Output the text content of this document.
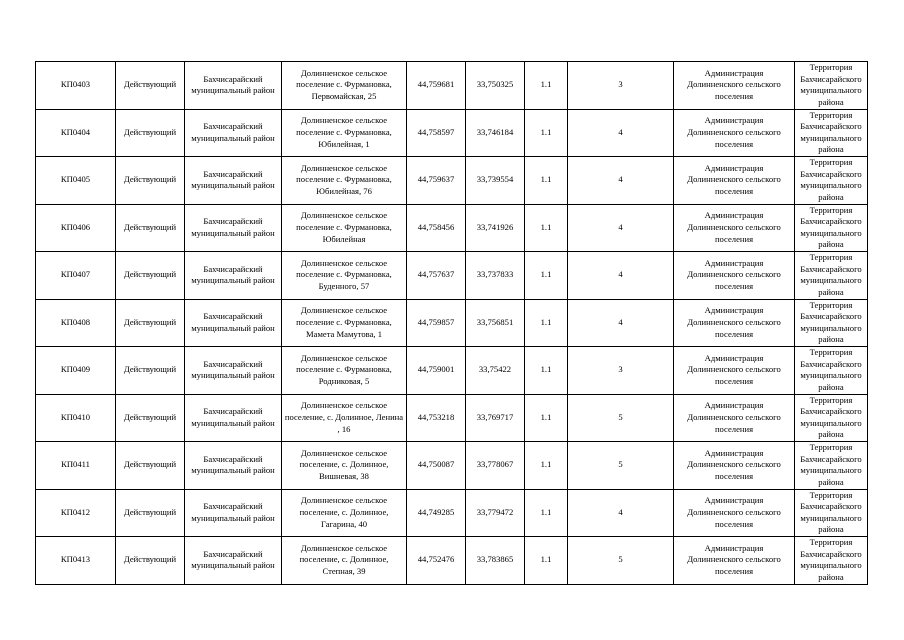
КП0403	Действующий	Бахчисарайский муниципальный район	Долинненское сельское поселение с. Фурмановка, Первомайская, 25	44,759681	33,750325	1.1	3	Администрация Долинненского сельского поселения	Территория Бахчисарайского муниципального района
КП0404	Действующий	Бахчисарайский муниципальный район	Долинненское сельское поселение с. Фурмановка, Юбилейная, 1	44,758597	33,746184	1.1	4	Администрация Долинненского сельского поселения	Территория Бахчисарайского муниципального района
КП0405	Действующий	Бахчисарайский муниципальный район	Долинненское сельское поселение с. Фурмановка, Юбилейная, 76	44,759637	33,739554	1.1	4	Администрация Долинненского сельского поселения	Территория Бахчисарайского муниципального района
КП0406	Действующий	Бахчисарайский муниципальный район	Долинненское сельское поселение с. Фурмановка, Юбилейная	44,758456	33,741926	1.1	4	Администрация Долинненского сельского поселения	Территория Бахчисарайского муниципального района
КП0407	Действующий	Бахчисарайский муниципальный район	Долинненское сельское поселение с. Фурмановка, Буденного, 57	44,757637	33,737833	1.1	4	Администрация Долинненского сельского поселения	Территория Бахчисарайского муниципального района
КП0408	Действующий	Бахчисарайский муниципальный район	Долинненское сельское поселение с. Фурмановка, Мамета Мамутова, 1	44,759857	33,756851	1.1	4	Администрация Долинненского сельского поселения	Территория Бахчисарайского муниципального района
КП0409	Действующий	Бахчисарайский муниципальный район	Долинненское сельское поселение с. Фурмановка, Родниковая, 5	44,759001	33,75422	1.1	3	Администрация Долинненского сельского поселения	Территория Бахчисарайского муниципального района
КП0410	Действующий	Бахчисарайский муниципальный район	Долинненское сельское поселение, с. Долинное, Ленина , 16	44,753218	33,769717	1.1	5	Администрация Долинненского сельского поселения	Территория Бахчисарайского муниципального района
КП0411	Действующий	Бахчисарайский муниципальный район	Долинненское сельское поселение, с. Долинное, Вишневая, 38	44,750087	33,778067	1.1	5	Администрация Долинненского сельского поселения	Территория Бахчисарайского муниципального района
КП0412	Действующий	Бахчисарайский муниципальный район	Долинненское сельское поселение, с. Долинное, Гагарина, 40	44,749285	33,779472	1.1	4	Администрация Долинненского сельского поселения	Территория Бахчисарайского муниципального района
КП0413	Действующий	Бахчисарайский муниципальный район	Долинненское сельское поселение, с. Долинное, Степная, 39	44,752476	33,783865	1.1	5	Администрация Долинненского сельского поселения	Территория Бахчисарайского муниципального района
